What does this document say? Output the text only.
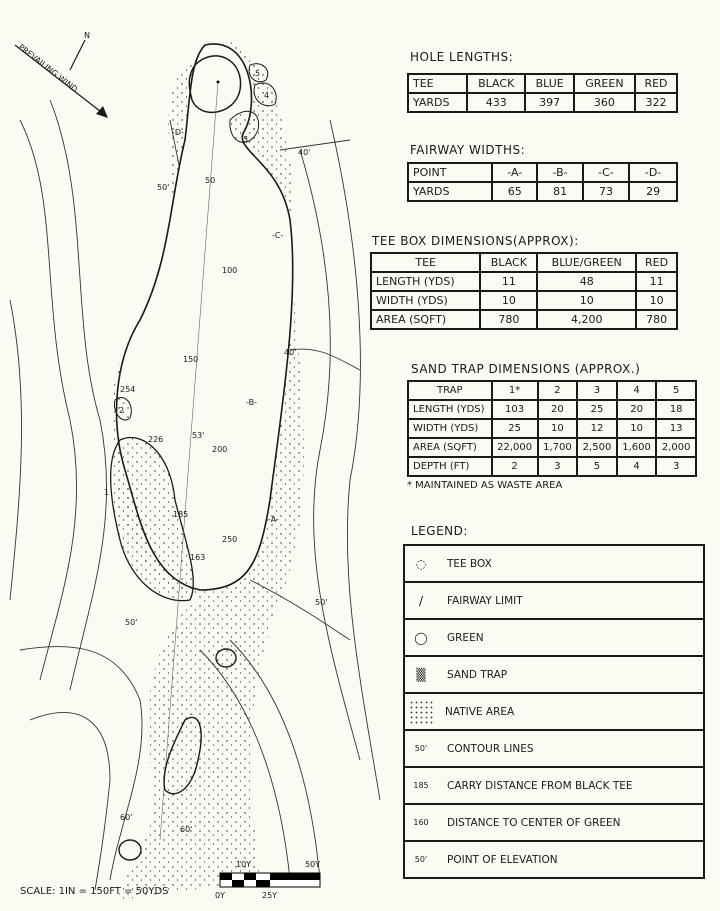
PREVAILING WIND
N
50
100
150
200
250
254
226
185
163
-A-
-B-
-C-
-D-
1
2
3
4
5
53'
40'
40'
50'
50'
60'
60'
50'
10Y	50Y
0Y	25Y
SCALE: 1IN = 150FT = 50YDS
HOLE LENGTHS:
TEE	BLACK	BLUE	GREEN	RED
YARDS	433	397	360	322
FAIRWAY WIDTHS:
POINT	-A-	-B-	-C-	-D-
YARDS	65	81	73	29
TEE BOX DIMENSIONS(APPROX):
TEE	BLACK	BLUE/GREEN	RED
LENGTH (YDS)	11	48	11
WIDTH (YDS)	10	10	10
AREA (SQFT)	780	4,200	780
SAND TRAP DIMENSIONS (APPROX.)
TRAP	1*	2	3	4	5
LENGTH (YDS)	103	20	25	20	18
WIDTH (YDS)	25	10	12	10	13
AREA (SQFT)	22,000	1,700	2,500	1,600	2,000
DEPTH (FT)	2	3	5	4	3
* MAINTAINED AS WASTE AREA
LEGEND:
◌	TEE BOX
/	FAIRWAY LIMIT
◯	GREEN
▒	SAND TRAP
NATIVE AREA
50'	CONTOUR LINES
185	CARRY DISTANCE FROM BLACK TEE
160	DISTANCE TO CENTER OF GREEN
50'	POINT OF ELEVATION
